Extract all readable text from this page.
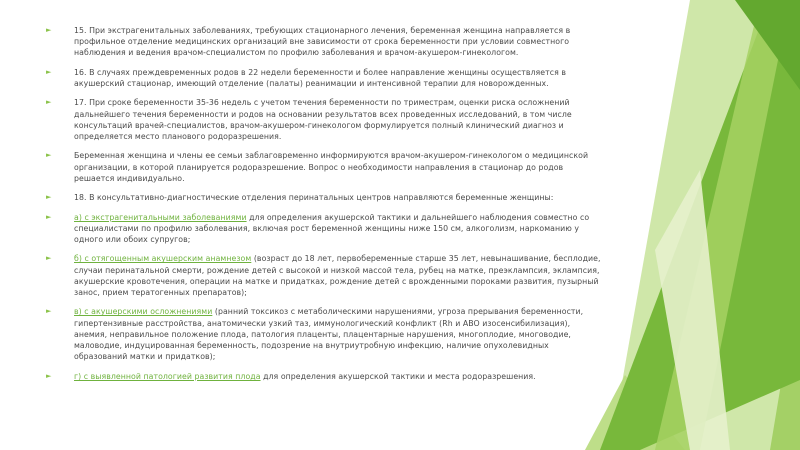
►	15. При экстрагенитальных заболеваниях, требующих стационарного лечения, беременная женщина направляется в профильное отделение медицинских организаций вне зависимости от срока беременности при условии совместного наблюдения и ведения врачом-специалистом по профилю заболевания и врачом-акушером-гинекологом.

►	16. В случаях преждевременных родов в 22 недели беременности и более направление женщины осуществляется в акушерский стационар, имеющий отделение (палаты) реанимации и интенсивной терапии для новорожденных.

►	17. При сроке беременности 35-36 недель с учетом течения беременности по триместрам, оценки риска осложнений дальнейшего течения беременности и родов на основании результатов всех проведенных исследований, в том числе консультаций врачей-специалистов, врачом-акушером-гинекологом формулируется полный клинический диагноз и определяется место планового родоразрешения.

►	Беременная женщина и члены ее семьи заблаговременно информируются врачом-акушером-гинекологом о медицинской организации, в которой планируется родоразрешение. Вопрос о необходимости направления в стационар до родов решается индивидуально.

►	18. В консультативно-диагностические отделения перинатальных центров направляются беременные женщины:

►	а) с экстрагенитальными заболеваниями для определения акушерской тактики и дальнейшего наблюдения совместно со специалистами по профилю заболевания, включая рост беременной женщины ниже 150 см, алкоголизм, наркоманию у одного или обоих супругов;

►	б) с отягощенным акушерским анамнезом (возраст до 18 лет, первобеременные старше 35 лет, невынашивание, бесплодие, случаи перинатальной смерти, рождение детей с высокой и низкой массой тела, рубец на матке, преэклампсия, эклампсия, акушерские кровотечения, операции на матке и придатках, рождение детей с врожденными пороками развития, пузырный занос, прием тератогенных препаратов);

►	в) с акушерскими осложнениями (ранний токсикоз с метаболическими нарушениями, угроза прерывания беременности, гипертензивные расстройства, анатомически узкий таз, иммунологический конфликт (Rh и ABO изосенсибилизация), анемия, неправильное положение плода, патология плаценты, плацентарные нарушения, многоплодие, многоводие, маловодие, индуцированная беременность, подозрение на внутриутробную инфекцию, наличие опухолевидных образований матки и придатков);

►	г) с выявленной патологией развития плода для определения акушерской тактики и места родоразрешения.
